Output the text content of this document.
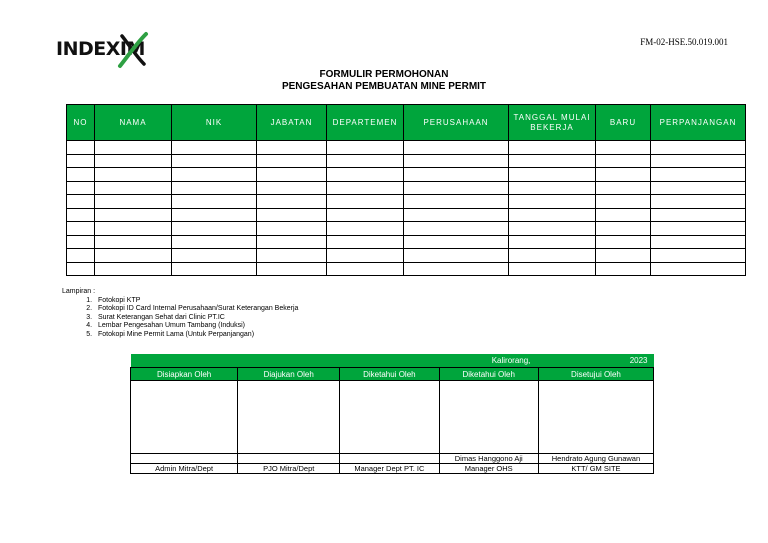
INDEXIM	FM-02-HSE.50.019.001
FORMULIR PERMOHONAN
PENGESAHAN PEMBUATAN MINE PERMIT
NO	NAMA	NIK	JABATAN	DEPARTEMEN	PERUSAHAAN	TANGGAL MULAI BEKERJA	BARU	PERPANJANGAN

Lampiran :
1. Fotokopi KTP
2. Fotokopi ID Card Internal Perusahaan/Surat Keterangan Bekerja
3. Surat Keterangan Sehat dari Clinic PT.IC
4. Lembar Pengesahan Umum Tambang (Induksi)
5. Fotokopi Mine Permit Lama (Untuk Perpanjangan)
Kalirorang,				2023
Disiapkan Oleh	Diajukan Oleh	Diketahui Oleh	Diketahui Oleh	Disetujui Oleh

			Dimas Hanggono Aji	Hendrato Agung Gunawan
Admin Mitra/Dept	PJO Mitra/Dept	Manager Dept PT. IC	Manager OHS	KTT/ GM SITE
